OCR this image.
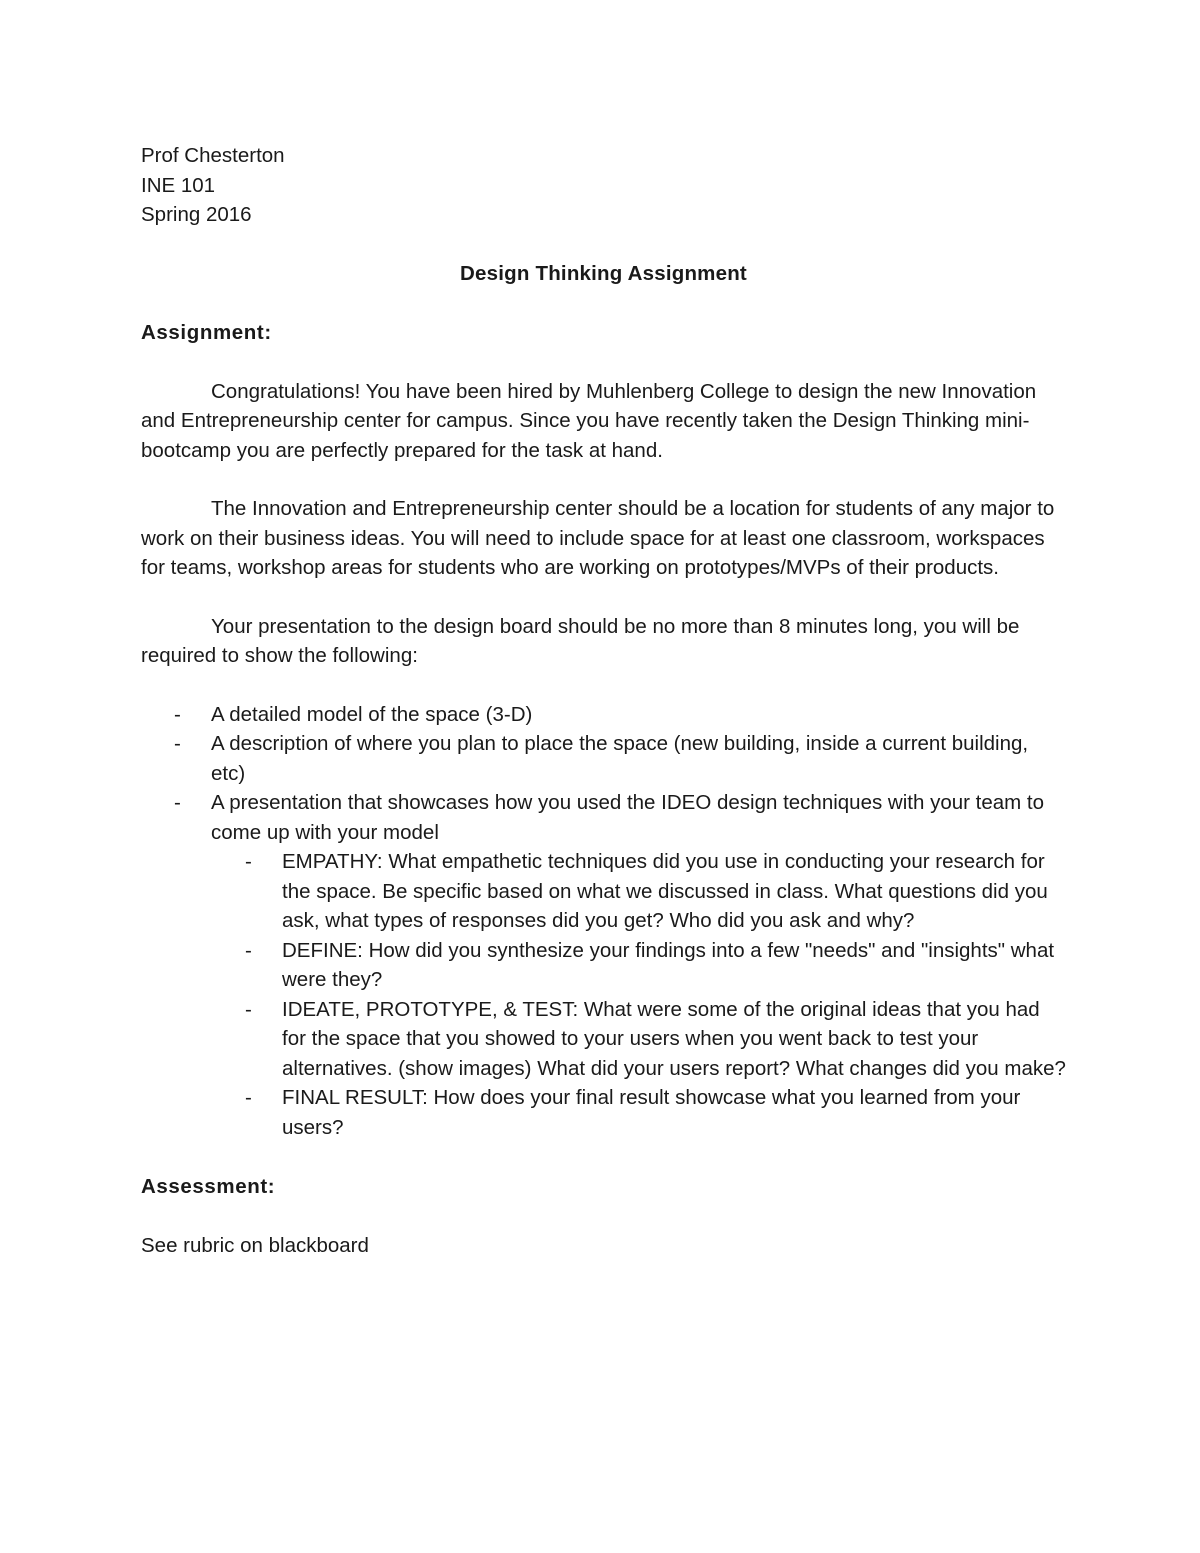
Prof Chesterton

INE 101

Spring 2016

Design Thinking Assignment

Assignment:

Congratulations! You have been hired by Muhlenberg College to design the new Innovation and Entrepreneurship center for campus. Since you have recently taken the Design Thinking mini-bootcamp you are perfectly prepared for the task at hand.

The Innovation and Entrepreneurship center should be a location for students of any major to work on their business ideas. You will need to include space for at least one classroom, workspaces for teams, workshop areas for students who are working on prototypes/MVPs of their products.

Your presentation to the design board should be no more than 8 minutes long, you will be required to show the following:

- A detailed model of the space (3-D)
- A description of where you plan to place the space (new building, inside a current building, etc)
- A presentation that showcases how you used the IDEO design techniques with your team to come up with your model
- EMPATHY: What empathetic techniques did you use in conducting your research for the space. Be specific based on what we discussed in class. What questions did you ask, what types of responses did you get? Who did you ask and why?
- DEFINE: How did you synthesize your findings into a few "needs" and "insights" what were they?
- IDEATE, PROTOTYPE, & TEST: What were some of the original ideas that you had for the space that you showed to your users when you went back to test your alternatives. (show images) What did your users report? What changes did you make?
- FINAL RESULT: How does your final result showcase what you learned from your users?

Assessment:

See rubric on blackboard
